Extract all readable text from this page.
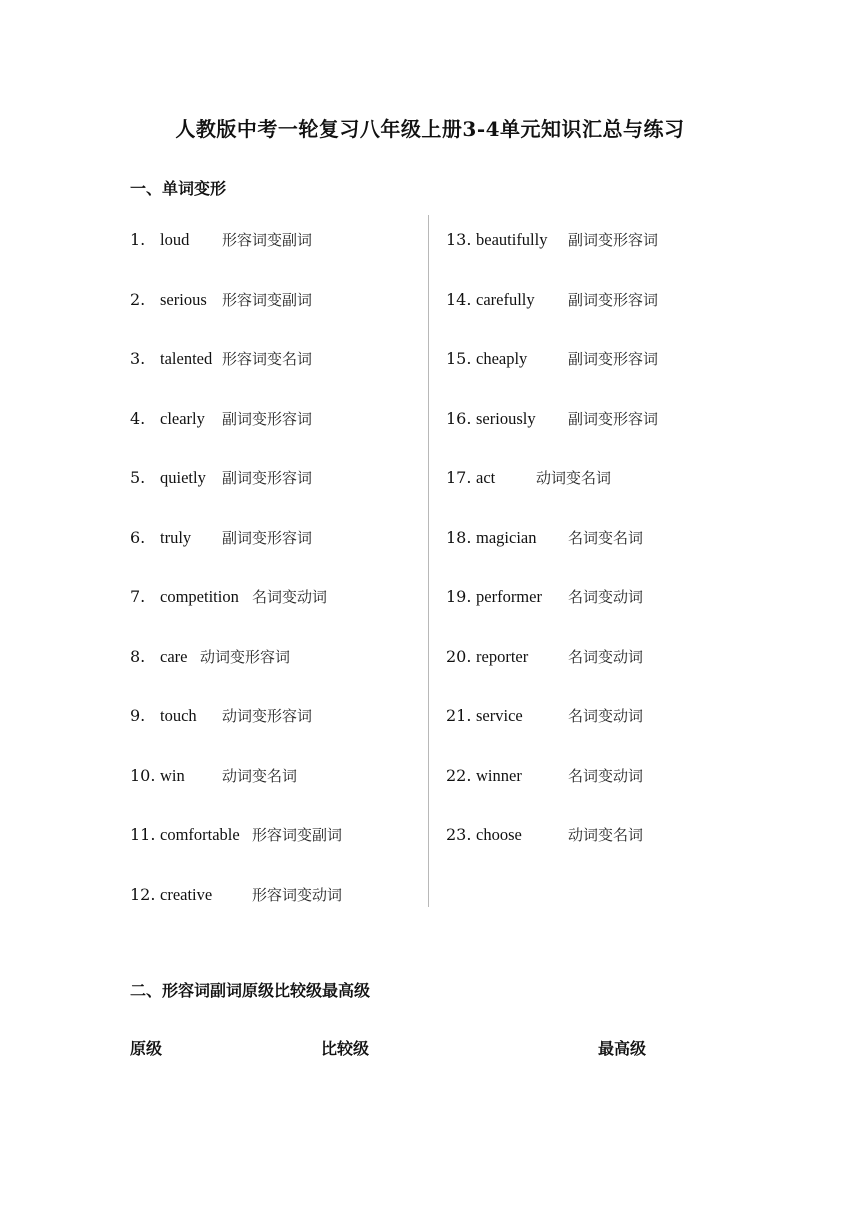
人教版中考一轮复习八年级上册3-4单元知识汇总与练习
一、单词变形
1. loud 形容词变副词
2. serious 形容词变副词
3. talented 形容词变名词
4. clearly 副词变形容词
5. quietly 副词变形容词
6. truly 副词变形容词
7. competition 名词变动词
8. care 动词变形容词
9. touch 动词变形容词
10. win 动词变名词
11. comfortable 形容词变副词
12. creative	形容词变动词
13. beautifully 副词变形容词
14. carefully 副词变形容词
15. cheaply	副词变形容词
16. seriously 副词变形容词
17. act	动词变名词
18. magician 名词变名词
19. performer 名词变动词
20. reporter	名词变动词
21. service	名词变动词
22. winner	名词变动词
23. choose	动词变名词
二、形容词副词原级比较级最高级
原级	比较级	最高级
